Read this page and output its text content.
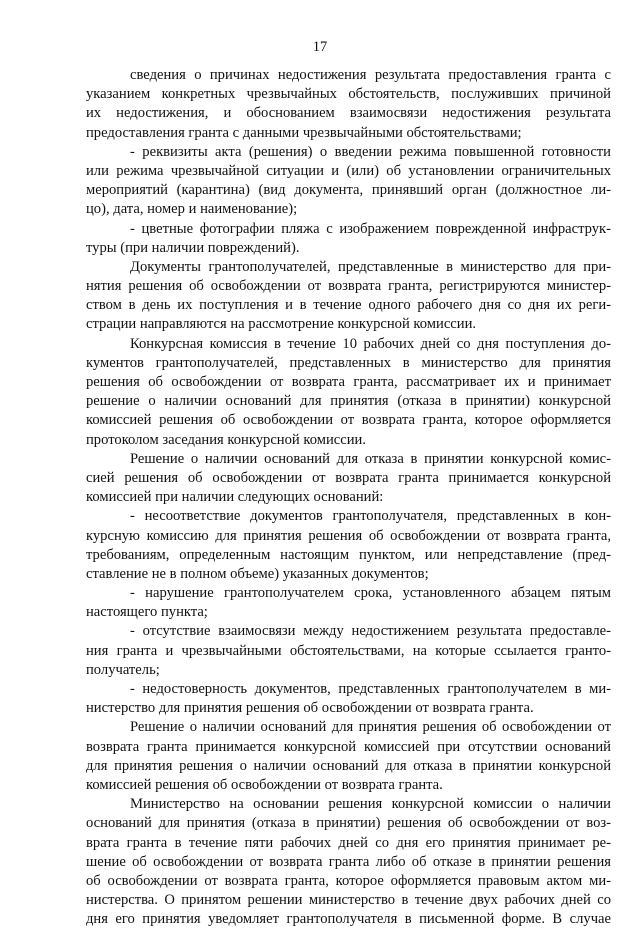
17
сведения о причинах недостижения результата предоставления гранта с
указанием конкретных чрезвычайных обстоятельств, послуживших причиной
их недостижения, и обоснованием взаимосвязи недостижения результата
предоставления гранта с данными чрезвычайными обстоятельствами;
- реквизиты акта (решения) о введении режима повышенной готовности
или режима чрезвычайной ситуации и (или) об установлении ограничительных
мероприятий (карантина) (вид документа, принявший орган (должностное ли-
цо), дата, номер и наименование);
- цветные фотографии пляжа с изображением поврежденной инфраструк-
туры (при наличии повреждений).
Документы грантополучателей, представленные в министерство для при-
нятия решения об освобождении от возврата гранта, регистрируются министер-
ством в день их поступления и в течение одного рабочего дня со дня их реги-
страции направляются на рассмотрение конкурсной комиссии.
Конкурсная комиссия в течение 10 рабочих дней со дня поступления до-
кументов грантополучателей, представленных в министерство для принятия
решения об освобождении от возврата гранта, рассматривает их и принимает
решение о наличии оснований для принятия (отказа в принятии) конкурсной
комиссией решения об освобождении от возврата гранта, которое оформляется
протоколом заседания конкурсной комиссии.
Решение о наличии оснований для отказа в принятии конкурсной комис-
сией решения об освобождении от возврата гранта принимается конкурсной
комиссией при наличии следующих оснований:
- несоответствие документов грантополучателя, представленных в кон-
курсную комиссию для принятия решения об освобождении от возврата гранта,
требованиям, определенным настоящим пунктом, или непредставление (пред-
ставление не в полном объеме) указанных документов;
- нарушение грантополучателем срока, установленного абзацем пятым
настоящего пункта;
- отсутствие взаимосвязи между недостижением результата предоставле-
ния гранта и чрезвычайными обстоятельствами, на которые ссылается гранто-
получатель;
- недостоверность документов, представленных грантополучателем в ми-
нистерство для принятия решения об освобождении от возврата гранта.
Решение о наличии оснований для принятия решения об освобождении от
возврата гранта принимается конкурсной комиссией при отсутствии оснований
для принятия решения о наличии оснований для отказа в принятии конкурсной
комиссией решения об освобождении от возврата гранта.
Министерство на основании решения конкурсной комиссии о наличии
оснований для принятия (отказа в принятии) решения об освобождении от воз-
врата гранта в течение пяти рабочих дней со дня его принятия принимает ре-
шение об освобождении от возврата гранта либо об отказе в принятии решения
об освобождении от возврата гранта, которое оформляется правовым актом ми-
нистерства. О принятом решении министерство в течение двух рабочих дней со
дня его принятия уведомляет грантополучателя в письменной форме. В случае
